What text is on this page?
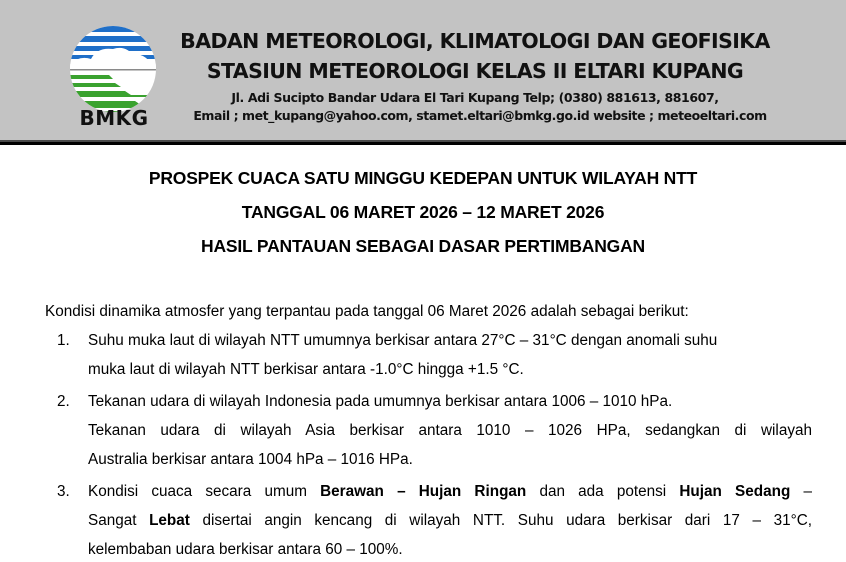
BMKG
BADAN METEOROLOGI, KLIMATOLOGI DAN GEOFISIKA
STASIUN METEOROLOGI KELAS II ELTARI KUPANG
Jl. Adi Sucipto Bandar Udara El Tari Kupang Telp; (0380) 881613, 881607,
Email ; met_kupang@yahoo.com, stamet.eltari@bmkg.go.id website ; meteoeltari.com
PROSPEK CUACA SATU MINGGU KEDEPAN UNTUK WILAYAH NTT
TANGGAL 06 MARET 2026 – 12 MARET 2026
HASIL PANTAUAN SEBAGAI DASAR PERTIMBANGAN
Kondisi dinamika atmosfer yang terpantau pada tanggal 06 Maret 2026 adalah sebagai berikut:
1. Suhu muka laut di wilayah NTT umumnya berkisar antara 27°C – 31°C dengan anomali suhu
muka laut di wilayah NTT berkisar antara -1.0°C hingga +1.5 °C.
2. Tekanan udara di wilayah Indonesia pada umumnya berkisar antara 1006 – 1010 hPa.
Tekanan udara di wilayah Asia berkisar antara 1010 – 1026 HPa, sedangkan di wilayah
Australia berkisar antara 1004 hPa – 1016 HPa.
3. Kondisi cuaca secara umum Berawan – Hujan Ringan dan ada potensi Hujan Sedang –
Sangat Lebat disertai angin kencang di wilayah NTT. Suhu udara berkisar dari 17 – 31°C,
kelembaban udara berkisar antara 60 – 100%.
